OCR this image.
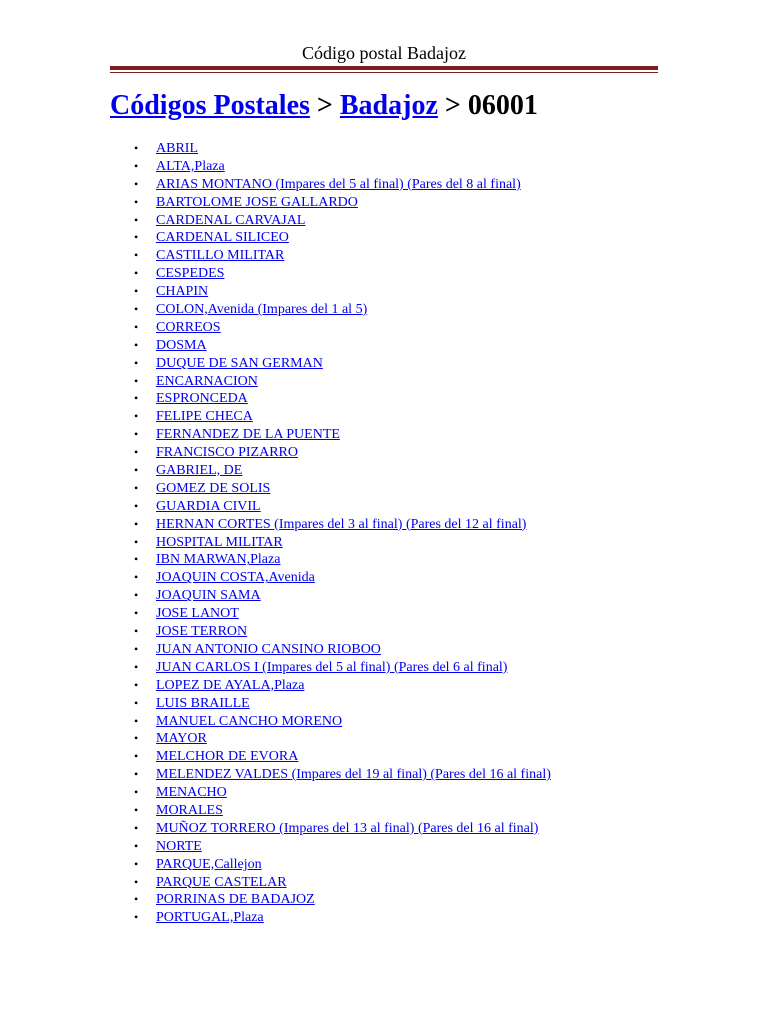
Código postal Badajoz
Códigos Postales > Badajoz > 06001
• ABRIL
• ALTA,Plaza
• ARIAS MONTANO (Impares del 5 al final) (Pares del 8 al final)
• BARTOLOME JOSE GALLARDO
• CARDENAL CARVAJAL
• CARDENAL SILICEO
• CASTILLO MILITAR
• CESPEDES
• CHAPIN
• COLON,Avenida (Impares del 1 al 5)
• CORREOS
• DOSMA
• DUQUE DE SAN GERMAN
• ENCARNACION
• ESPRONCEDA
• FELIPE CHECA
• FERNANDEZ DE LA PUENTE
• FRANCISCO PIZARRO
• GABRIEL, DE
• GOMEZ DE SOLIS
• GUARDIA CIVIL
• HERNAN CORTES (Impares del 3 al final) (Pares del 12 al final)
• HOSPITAL MILITAR
• IBN MARWAN,Plaza
• JOAQUIN COSTA,Avenida
• JOAQUIN SAMA
• JOSE LANOT
• JOSE TERRON
• JUAN ANTONIO CANSINO RIOBOO
• JUAN CARLOS I (Impares del 5 al final) (Pares del 6 al final)
• LOPEZ DE AYALA,Plaza
• LUIS BRAILLE
• MANUEL CANCHO MORENO
• MAYOR
• MELCHOR DE EVORA
• MELENDEZ VALDES (Impares del 19 al final) (Pares del 16 al final)
• MENACHO
• MORALES
• MUÑOZ TORRERO (Impares del 13 al final) (Pares del 16 al final)
• NORTE
• PARQUE,Callejon
• PARQUE CASTELAR
• PORRINAS DE BADAJOZ
• PORTUGAL,Plaza
